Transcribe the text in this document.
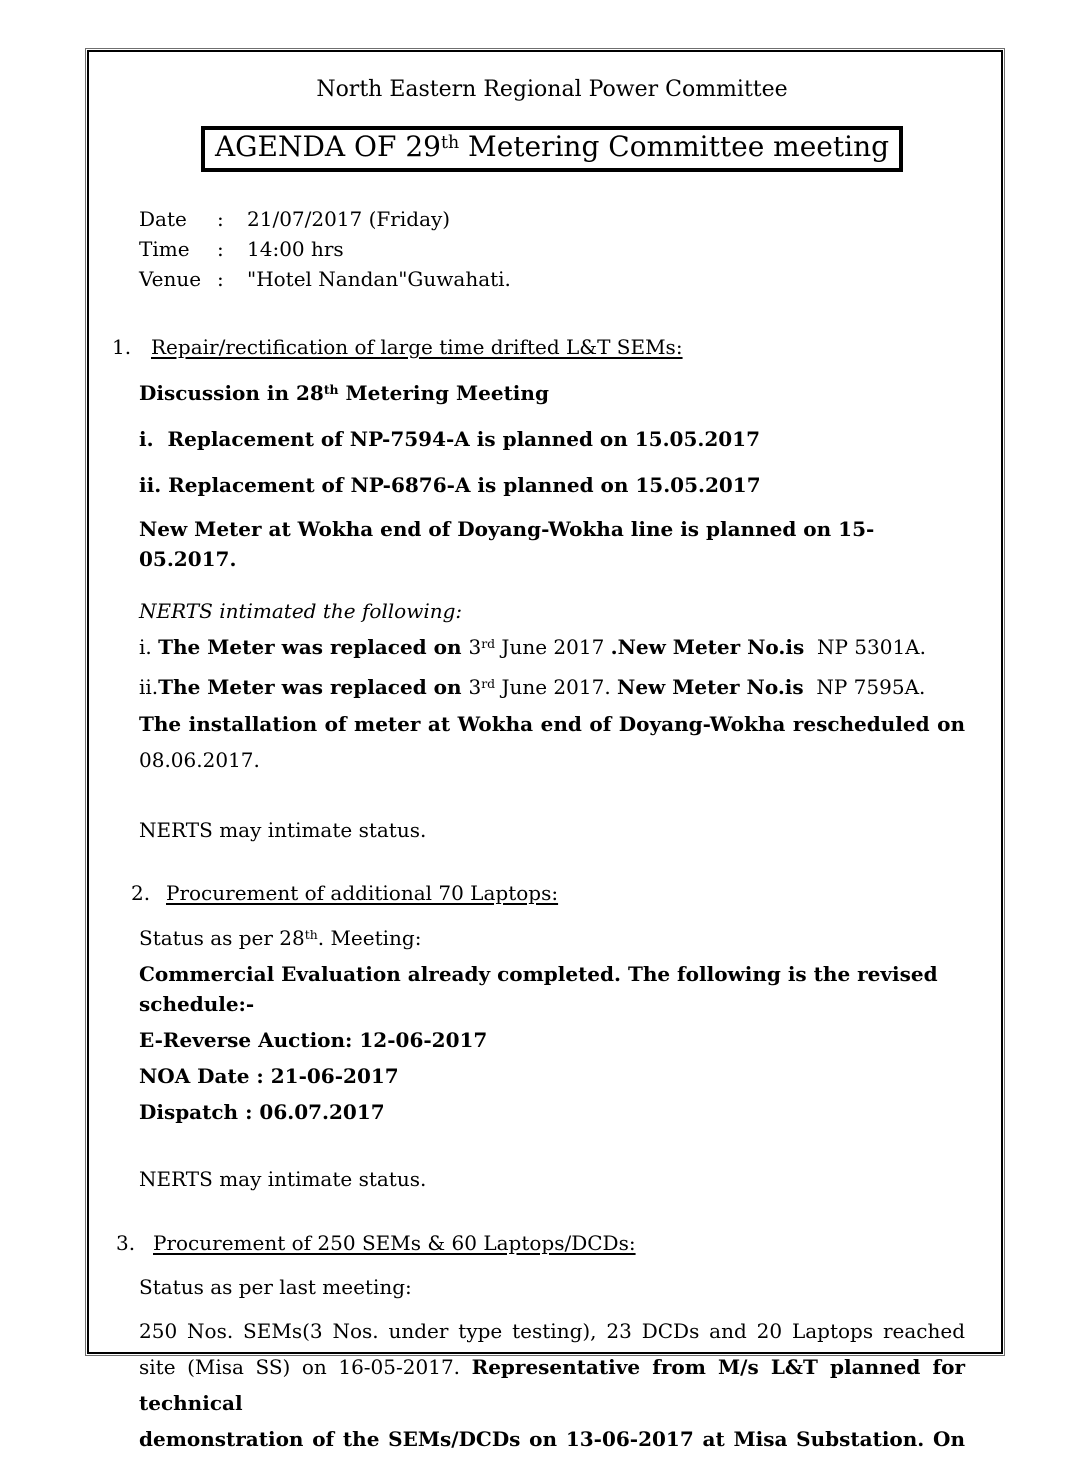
North Eastern Regional Power Committee
AGENDA OF 29th Metering Committee meeting
Date	:	21/07/2017 (Friday)
Time	:	14:00 hrs
Venue :	"Hotel Nandan"Guwahati.
1. Repair/rectification of large time drifted L&T SEMs:
Discussion in 28th Metering Meeting
i.  Replacement of NP-7594-A is planned on 15.05.2017
ii. Replacement of NP-6876-A is planned on 15.05.2017
New Meter at Wokha end of Doyang-Wokha line is planned on 15-05.2017.
NERTS intimated the following:
i. The Meter was replaced on 3rd June 2017 .New Meter No.is  NP 5301A.
ii.The Meter was replaced on 3rd June 2017. New Meter No.is  NP 7595A.
The installation of meter at Wokha end of Doyang-Wokha rescheduled on
08.06.2017.
NERTS may intimate status.
2. Procurement of additional 70 Laptops:
Status as per 28th. Meeting:
Commercial Evaluation already completed. The following is the revised schedule:-
E-Reverse Auction: 12-06-2017
NOA Date : 21-06-2017
Dispatch : 06.07.2017
NERTS may intimate status.
3. Procurement of 250 SEMs & 60 Laptops/DCDs:
Status as per last meeting:
250 Nos. SEMs(3 Nos. under type testing), 23 DCDs and 20 Laptops reached
site (Misa SS) on 16-05-2017. Representative from M/s L&T planned for technical
demonstration of the SEMs/DCDs on 13-06-2017 at Misa Substation. On
